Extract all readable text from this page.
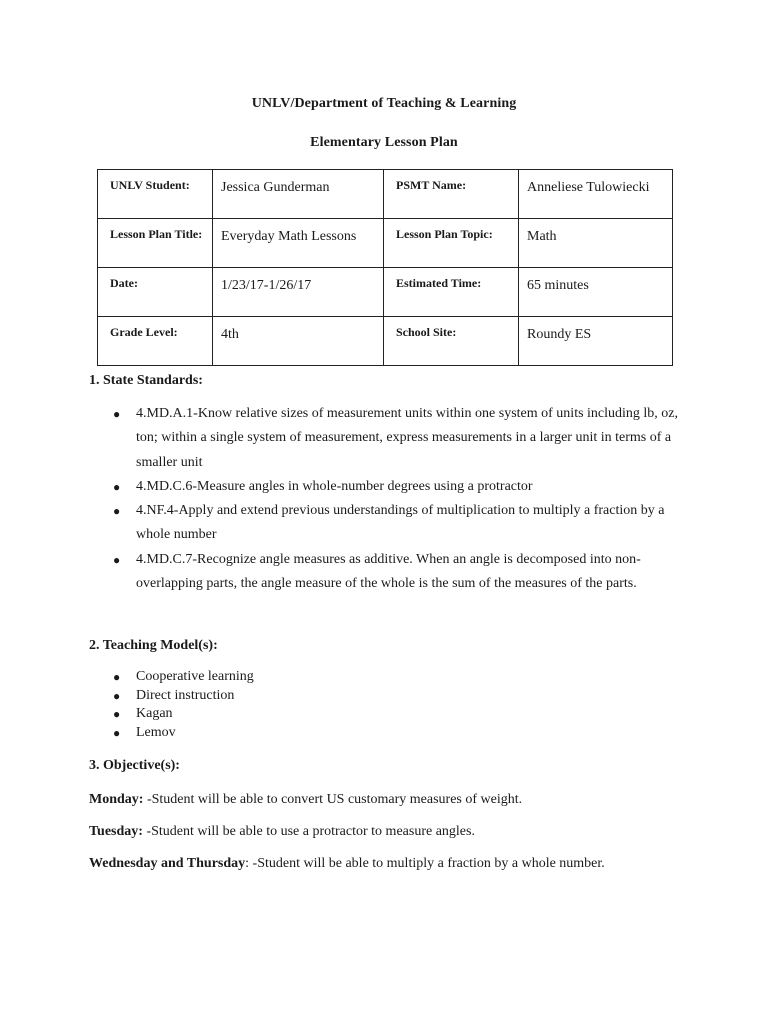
UNLV/Department of Teaching & Learning
Elementary Lesson Plan
UNLV Student:	Jessica Gunderman	PSMT Name:	Anneliese Tulowiecki
Lesson Plan Title:	Everyday Math Lessons	Lesson Plan Topic:	Math
Date:	1/23/17-1/26/17	Estimated Time:	65 minutes
Grade Level:	4th	School Site:	Roundy ES
1. State Standards:
● 4.MD.A.1-Know relative sizes of measurement units within one system of units including lb, oz, ton; within a single system of measurement, express measurements in a larger unit in terms of a smaller unit
● 4.MD.C.6-Measure angles in whole-number degrees using a protractor
● 4.NF.4-Apply and extend previous understandings of multiplication to multiply a fraction by a whole number
● 4.MD.C.7-Recognize angle measures as additive. When an angle is decomposed into non-overlapping parts, the angle measure of the whole is the sum of the measures of the parts.
2. Teaching Model(s):
● Cooperative learning
● Direct instruction
● Kagan
● Lemov
3. Objective(s):
Monday: -Student will be able to convert US customary measures of weight.
Tuesday: -Student will be able to use a protractor to measure angles.
Wednesday and Thursday: -Student will be able to multiply a fraction by a whole number.
